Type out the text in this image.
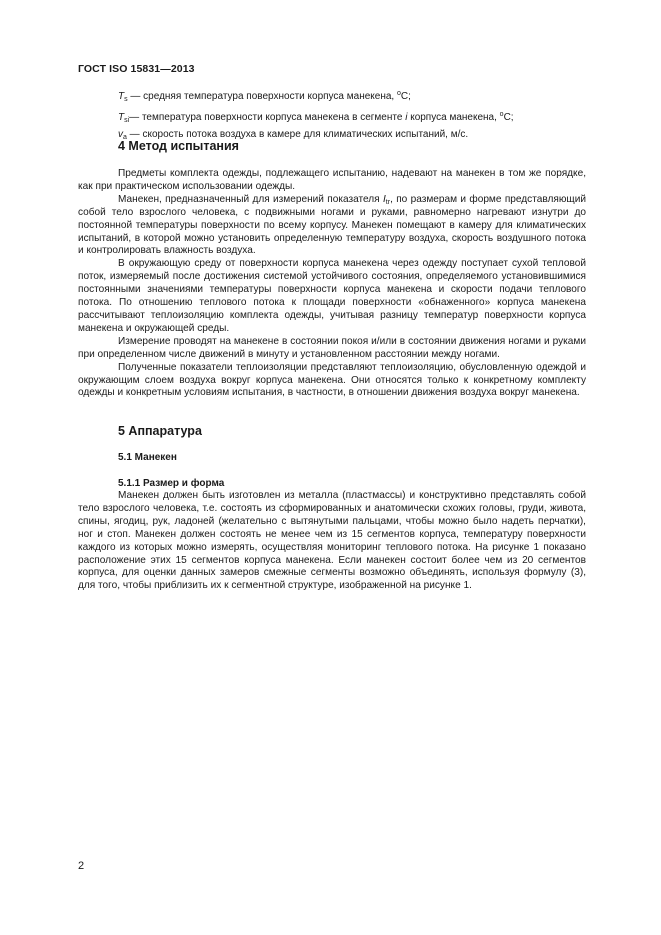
ГОСТ ISO 15831—2013
$T_s$ — средняя температура поверхности корпуса манекена, $^o$C;
$T_{si}—$ температура поверхности корпуса манекена в сегменте i корпуса манекена, $^o$C;
$v_a$ — скорость потока воздуха в камере для климатических испытаний, м/с.
4 Метод испытания

Предметы комплекта одежды, подлежащего испытанию, надевают на манекен в том же порядке, как при практическом использовании одежды.

Манекен, предназначенный для измерений показателя $I_{tr}$, по размерам и форме представляющий собой тело взрослого человека, с подвижными ногами и руками, равномерно нагревают изнутри до постоянной температуры поверхности по всему корпусу. Манекен помещают в камеру для климатических испытаний, в которой можно установить определенную температуру воздуха, скорость воздушного потока и контролировать влажность воздуха.

В окружающую среду от поверхности корпуса манекена через одежду поступает сухой тепловой поток, измеряемый после достижения системой устойчивого состояния, определяемого установившимися постоянными значениями температуры поверхности корпуса манекена и скорости подачи теплового потока. По отношению теплового потока к площади поверхности «обнаженного» корпуса манекена рассчитывают теплоизоляцию комплекта одежды, учитывая разницу температур поверхности корпуса манекена и окружающей среды.

Измерение проводят на манекене в состоянии покоя и/или в состоянии движения ногами и руками при определенном числе движений в минуту и установленном расстоянии между ногами.

Полученные показатели теплоизоляции представляют теплоизоляцию, обусловленную одеждой и окружающим слоем воздуха вокруг корпуса манекена. Они относятся только к конкретному комплекту одежды и конкретным условиям испытания, в частности, в отношении движения воздуха вокруг манекена.

5 Аппаратура
5.1 Манекен
5.1.1 Размер и форма

Манекен должен быть изготовлен из металла (пластмассы) и конструктивно представлять собой тело взрослого человека, т.е. состоять из сформированных и анатомически схожих головы, груди, живота, спины, ягодиц, рук, ладоней (желательно с вытянутыми пальцами, чтобы можно было надеть перчатки), ног и стоп. Манекен должен состоять не менее чем из 15 сегментов корпуса, температуру поверхности каждого из которых можно измерять, осуществляя мониторинг теплового потока. На рисунке 1 показано расположение этих 15 сегментов корпуса манекена. Если манекен состоит более чем из 20 сегментов корпуса, для оценки данных замеров смежные сегменты возможно объединять, используя формулу (3), для того, чтобы приблизить их к сегментной структуре, изображенной на рисунке 1.

2
